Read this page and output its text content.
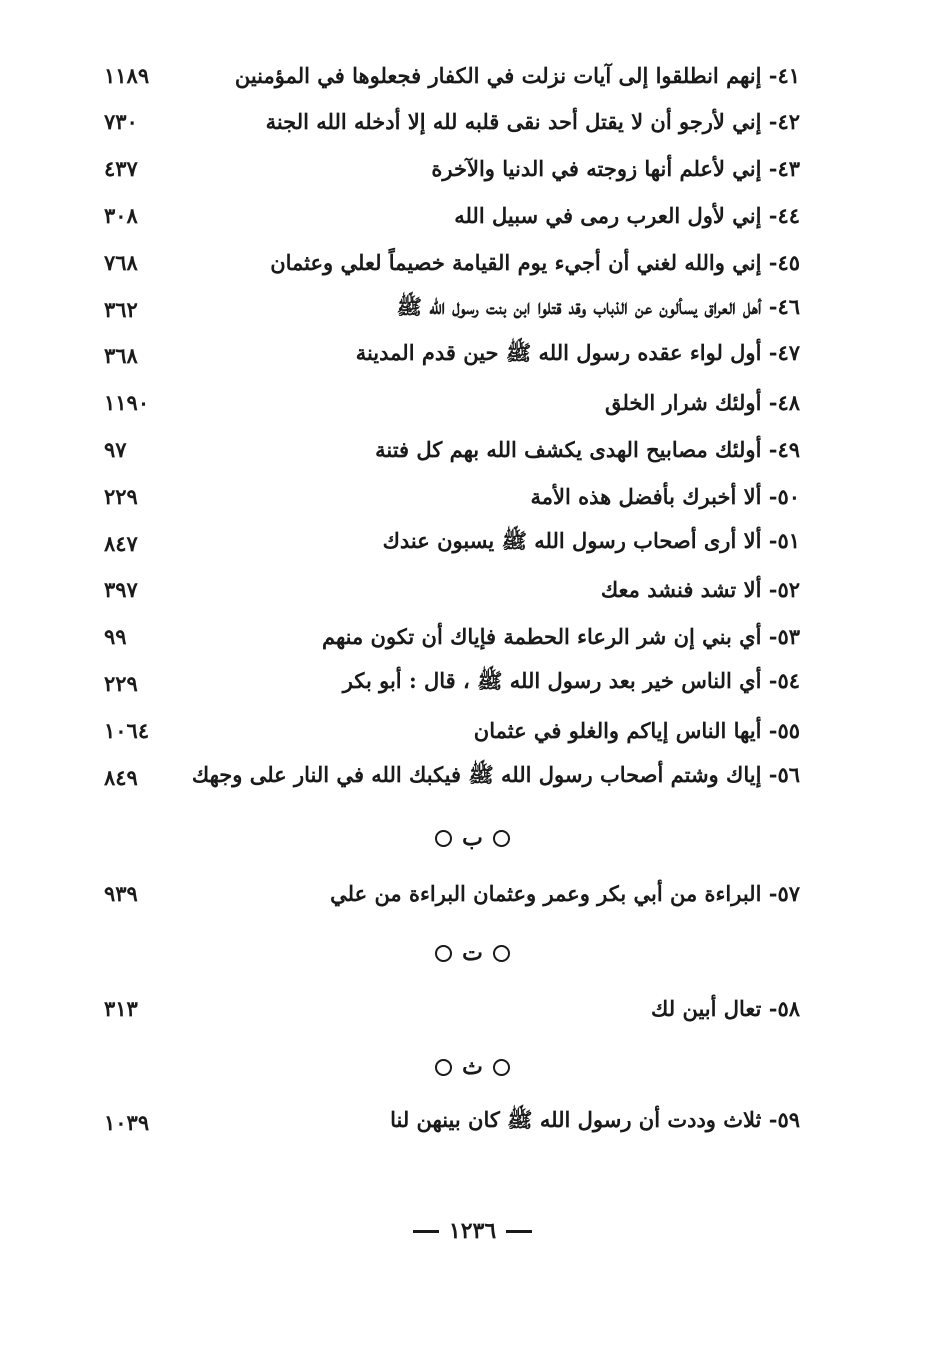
٤١- إنهم انطلقوا إلى آيات نزلت في الكفار فجعلوها في المؤمنين
١١٨٩
٤٢- إني لأرجو أن لا يقتل أحد نقى قلبه لله إلا أدخله الله الجنة
٧٣٠
٤٣- إني لأعلم أنها زوجته في الدنيا والآخرة
٤٣٧
٤٤- إني لأول العرب رمى في سبيل الله
٣٠٨
٤٥- إني والله لغني أن أجيء يوم القيامة خصيماً لعلي وعثمان
٧٦٨
٤٦- أهل العراق يسألون عن الذباب وقد قتلوا ابن بنت رسول الله ﷺ
٣٦٢
٤٧- أول لواء عقده رسول الله ﷺ حين قدم المدينة
٣٦٨
٤٨- أولئك شرار الخلق
١١٩٠
٤٩- أولئك مصابيح الهدى يكشف الله بهم كل فتنة
٩٧
٥٠- ألا أخبرك بأفضل هذه الأمة
٢٢٩
٥١- ألا أرى أصحاب رسول الله ﷺ يسبون عندك
٨٤٧
٥٢- ألا تشد فنشد معك
٣٩٧
٥٣- أي بني إن شر الرعاء الحطمة فإياك أن تكون منهم
٩٩
٥٤- أي الناس خير بعد رسول الله ﷺ ، قال : أبو بكر
٢٢٩
٥٥- أيها الناس إياكم والغلو في عثمان
١٠٦٤
٥٦- إياك وشتم أصحاب رسول الله ﷺ فيكبك الله في النار على وجهك
٨٤٩
ب
٥٧- البراءة من أبي بكر وعمر وعثمان البراءة من علي
٩٣٩
ت
٥٨- تعال أبين لك
٣١٣
ث
٥٩- ثلاث وددت أن رسول الله ﷺ كان بينهن لنا
١٠٣٩
١٢٣٦
